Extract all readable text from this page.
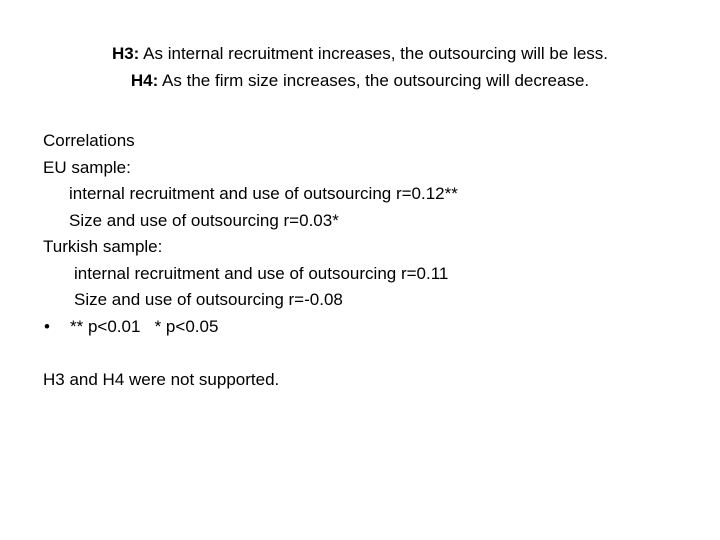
H3: As internal recruitment increases, the outsourcing will be less.
H4: As the firm size increases, the outsourcing will decrease.
Correlations
EU sample:
internal recruitment and use of outsourcing r=0.12**
Size and use of outsourcing r=0.03*
Turkish sample:
internal recruitment and use of outsourcing r=0.11
Size and use of outsourcing r=-0.08
• ** p<0.01   * p<0.05
H3 and H4 were not supported.
